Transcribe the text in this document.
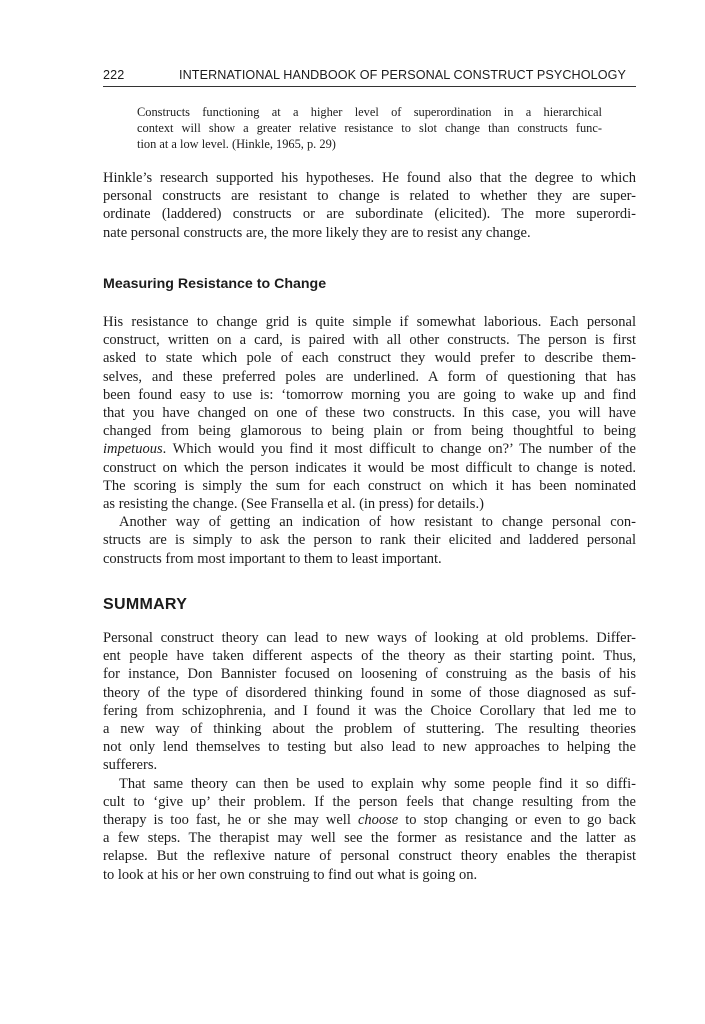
222	INTERNATIONAL HANDBOOK OF PERSONAL CONSTRUCT PSYCHOLOGY
Constructs functioning at a higher level of superordination in a hierarchical
context will show a greater relative resistance to slot change than constructs func-
tion at a low level. (Hinkle, 1965, p. 29)
Hinkle’s research supported his hypotheses. He found also that the degree to which
personal constructs are resistant to change is related to whether they are super-
ordinate (laddered) constructs or are subordinate (elicited). The more superordi-
nate personal constructs are, the more likely they are to resist any change.
Measuring Resistance to Change
His resistance to change grid is quite simple if somewhat laborious. Each personal
construct, written on a card, is paired with all other constructs. The person is first
asked to state which pole of each construct they would prefer to describe them-
selves, and these preferred poles are underlined. A form of questioning that has
been found easy to use is: ‘tomorrow morning you are going to wake up and find
that you have changed on one of these two constructs. In this case, you will have
changed from being glamorous to being plain or from being thoughtful to being
impetuous. Which would you find it most difficult to change on?’ The number of the
construct on which the person indicates it would be most difficult to change is noted.
The scoring is simply the sum for each construct on which it has been nominated
as resisting the change. (See Fransella et al. (in press) for details.)
Another way of getting an indication of how resistant to change personal con-
structs are is simply to ask the person to rank their elicited and laddered personal
constructs from most important to them to least important.
SUMMARY
Personal construct theory can lead to new ways of looking at old problems. Differ-
ent people have taken different aspects of the theory as their starting point. Thus,
for instance, Don Bannister focused on loosening of construing as the basis of his
theory of the type of disordered thinking found in some of those diagnosed as suf-
fering from schizophrenia, and I found it was the Choice Corollary that led me to
a new way of thinking about the problem of stuttering. The resulting theories
not only lend themselves to testing but also lead to new approaches to helping the
sufferers.
That same theory can then be used to explain why some people find it so diffi-
cult to ‘give up’ their problem. If the person feels that change resulting from the
therapy is too fast, he or she may well choose to stop changing or even to go back
a few steps. The therapist may well see the former as resistance and the latter as
relapse. But the reflexive nature of personal construct theory enables the therapist
to look at his or her own construing to find out what is going on.
